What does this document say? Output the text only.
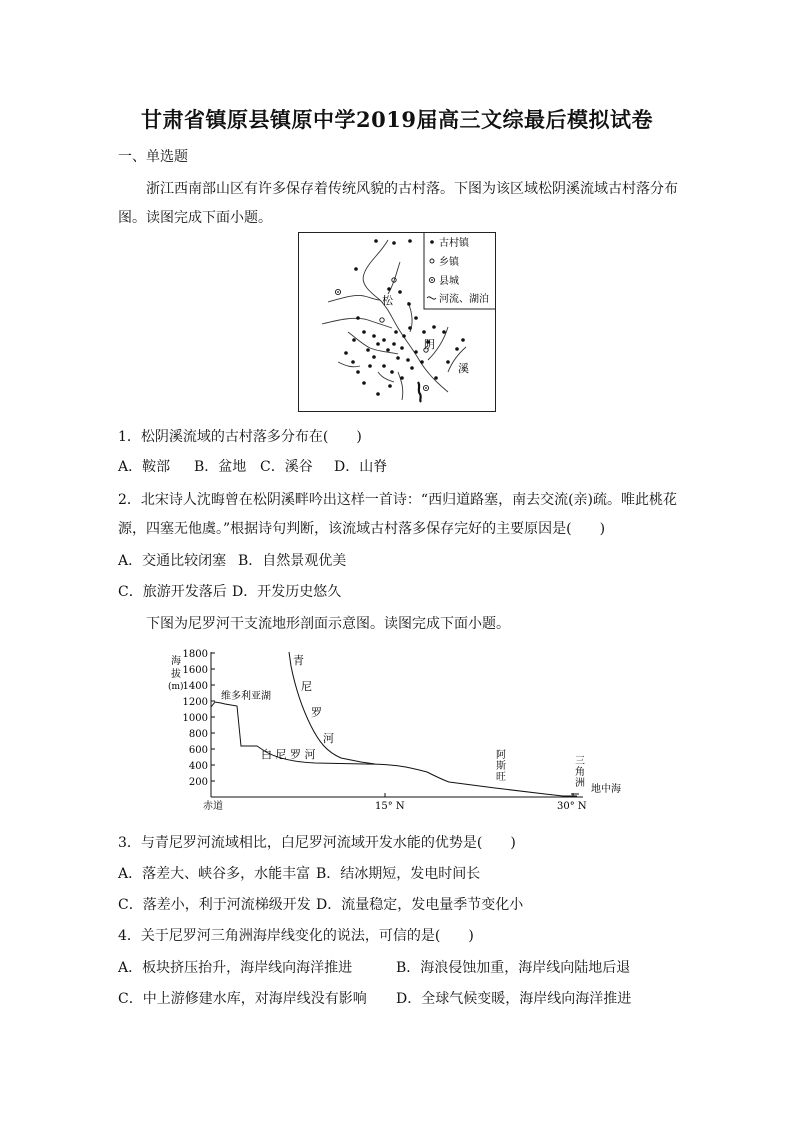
甘肃省镇原县镇原中学2019届高三文综最后模拟试卷
一、单选题
浙江西南部山区有许多保存着传统风貌的古村落。下图为该区域松阴溪流域古村落分布
图。读图完成下面小题。
古村镇
乡镇
县城
河流、湖泊
松
阴
溪
1．松阴溪流域的古村落多分布在(　　)
A．鞍部 B．盆地 C．溪谷 D．山脊
2．北宋诗人沈晦曾在松阴溪畔吟出这样一首诗：“西归道路塞，南去交流(亲)疏。唯此桃花
源，四塞无他虞。”根据诗句判断，该流域古村落多保存完好的主要原因是(　　)
A．交通比较闭塞 B．自然景观优美
C．旅游开发落后 D．开发历史悠久
下图为尼罗河干支流地形剖面示意图。读图完成下面小题。
海
拔
(m)
1800
1600
1400
1200
1000
800
600
400
200
维多利亚湖
青
尼
罗
河
白 尼 罗 河	阿
斯
旺
三
角
洲
地中海
赤道	15° N	30° N
3．与青尼罗河流域相比，白尼罗河流域开发水能的优势是(　　)
A．落差大、峡谷多，水能丰富 B．结冰期短，发电时间长
C．落差小，利于河流梯级开发 D．流量稳定，发电量季节变化小
4．关于尼罗河三角洲海岸线变化的说法，可信的是(　　)
A．板块挤压抬升，海岸线向海洋推进	B．海浪侵蚀加重，海岸线向陆地后退
C．中上游修建水库，对海岸线没有影响 D．全球气候变暖，海岸线向海洋推进
